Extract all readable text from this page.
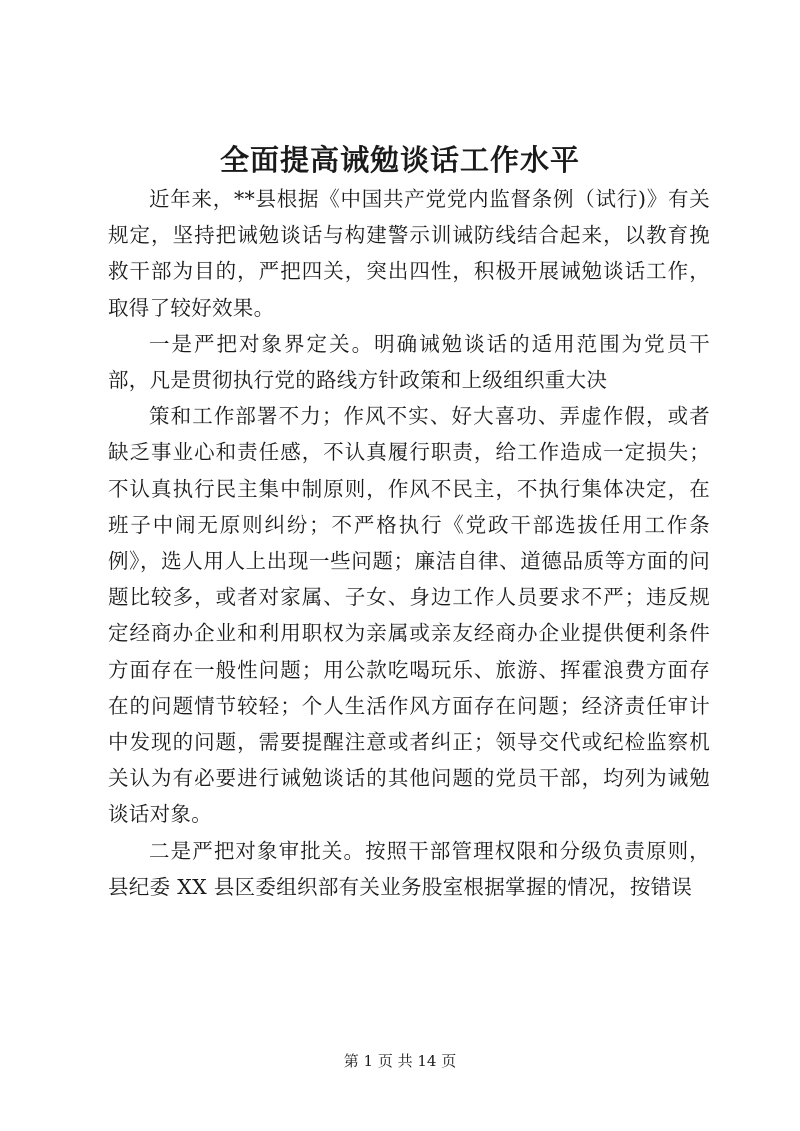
全面提高诫勉谈话工作水平

近年来，**县根据《中国共产党党内监督条例（试行)》有关规定，坚持把诫勉谈话与构建警示训诫防线结合起来，以教育挽救干部为目的，严把四关，突出四性，积极开展诫勉谈话工作，取得了较好效果。

一是严把对象界定关。明确诫勉谈话的适用范围为党员干部，凡是贯彻执行党的路线方针政策和上级组织重大决

策和工作部署不力；作风不实、好大喜功、弄虚作假，或者缺乏事业心和责任感，不认真履行职责，给工作造成一定损失；不认真执行民主集中制原则，作风不民主，不执行集体决定，在班子中闹无原则纠纷；不严格执行《党政干部选拔任用工作条例》，选人用人上出现一些问题；廉洁自律、道德品质等方面的问题比较多，或者对家属、子女、身边工作人员要求不严；违反规定经商办企业和利用职权为亲属或亲友经商办企业提供便利条件方面存在一般性问题；用公款吃喝玩乐、旅游、挥霍浪费方面存在的问题情节较轻；个人生活作风方面存在问题；经济责任审计中发现的问题，需要提醒注意或者纠正；领导交代或纪检监察机关认为有必要进行诫勉谈话的其他问题的党员干部，均列为诫勉谈话对象。

二是严把对象审批关。按照干部管理权限和分级负责原则，县纪委 XX 县区委组织部有关业务股室根据掌握的情况，按错误

第 1 页 共 14 页
